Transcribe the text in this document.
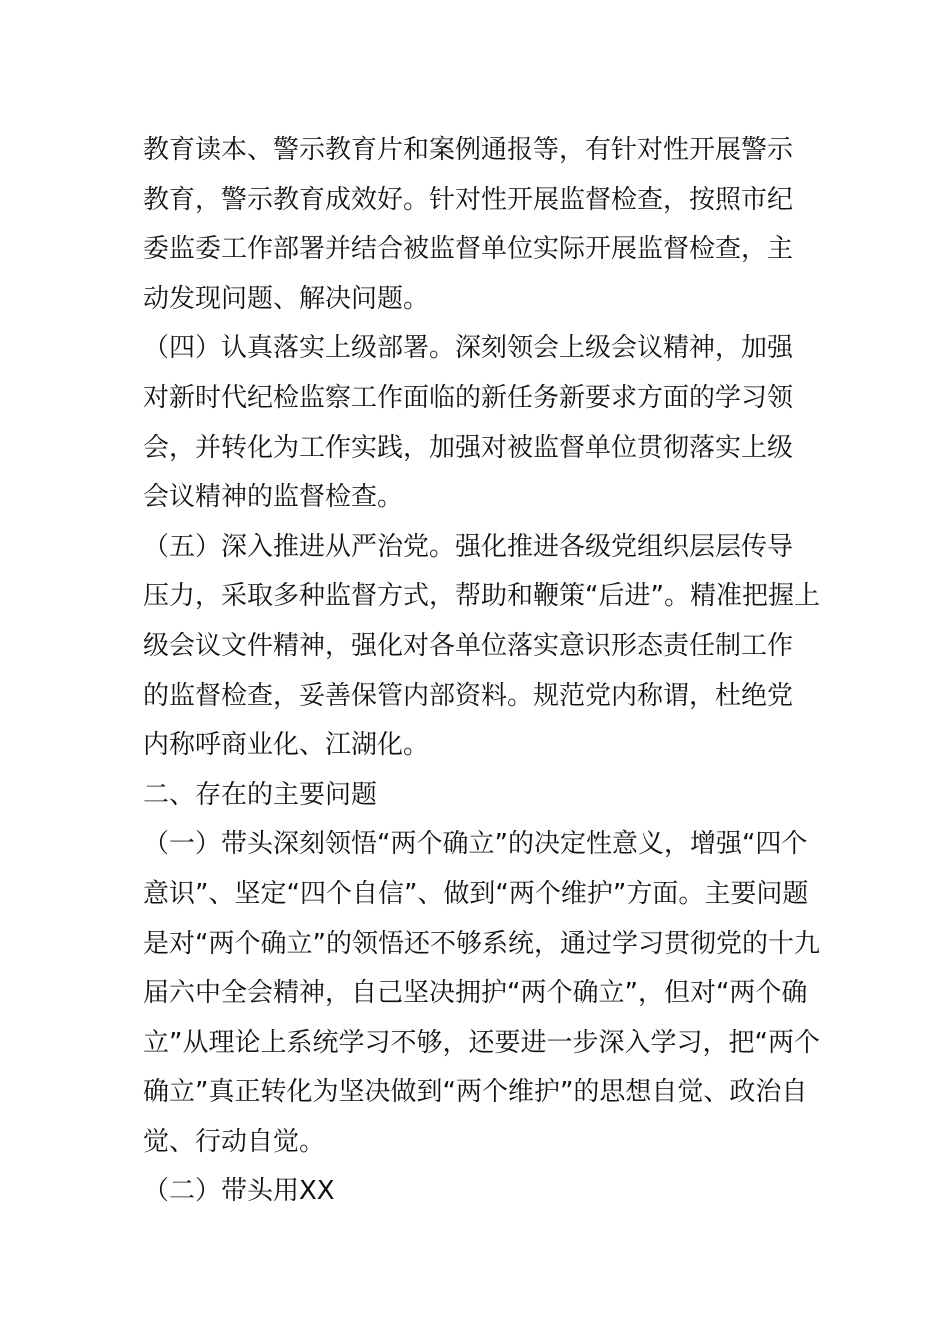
教育读本、警示教育片和案例通报等，有针对性开展警示
教育，警示教育成效好。针对性开展监督检查，按照市纪
委监委工作部署并结合被监督单位实际开展监督检查，主
动发现问题、解决问题。
（四）认真落实上级部署。深刻领会上级会议精神，加强
对新时代纪检监察工作面临的新任务新要求方面的学习领
会，并转化为工作实践，加强对被监督单位贯彻落实上级
会议精神的监督检查。
（五）深入推进从严治党。强化推进各级党组织层层传导
压力，采取多种监督方式，帮助和鞭策“后进”。精准把握上
级会议文件精神，强化对各单位落实意识形态责任制工作
的监督检查，妥善保管内部资料。规范党内称谓，杜绝党
内称呼商业化、江湖化。
二、存在的主要问题
（一）带头深刻领悟“两个确立”的决定性意义，增强“四个
意识”、坚定“四个自信”、做到“两个维护”方面。主要问题
是对“两个确立”的领悟还不够系统，通过学习贯彻党的十九
届六中全会精神，自己坚决拥护“两个确立”，但对“两个确
立”从理论上系统学习不够，还要进一步深入学习，把“两个
确立”真正转化为坚决做到“两个维护”的思想自觉、政治自
觉、行动自觉。
（二）带头用XX
